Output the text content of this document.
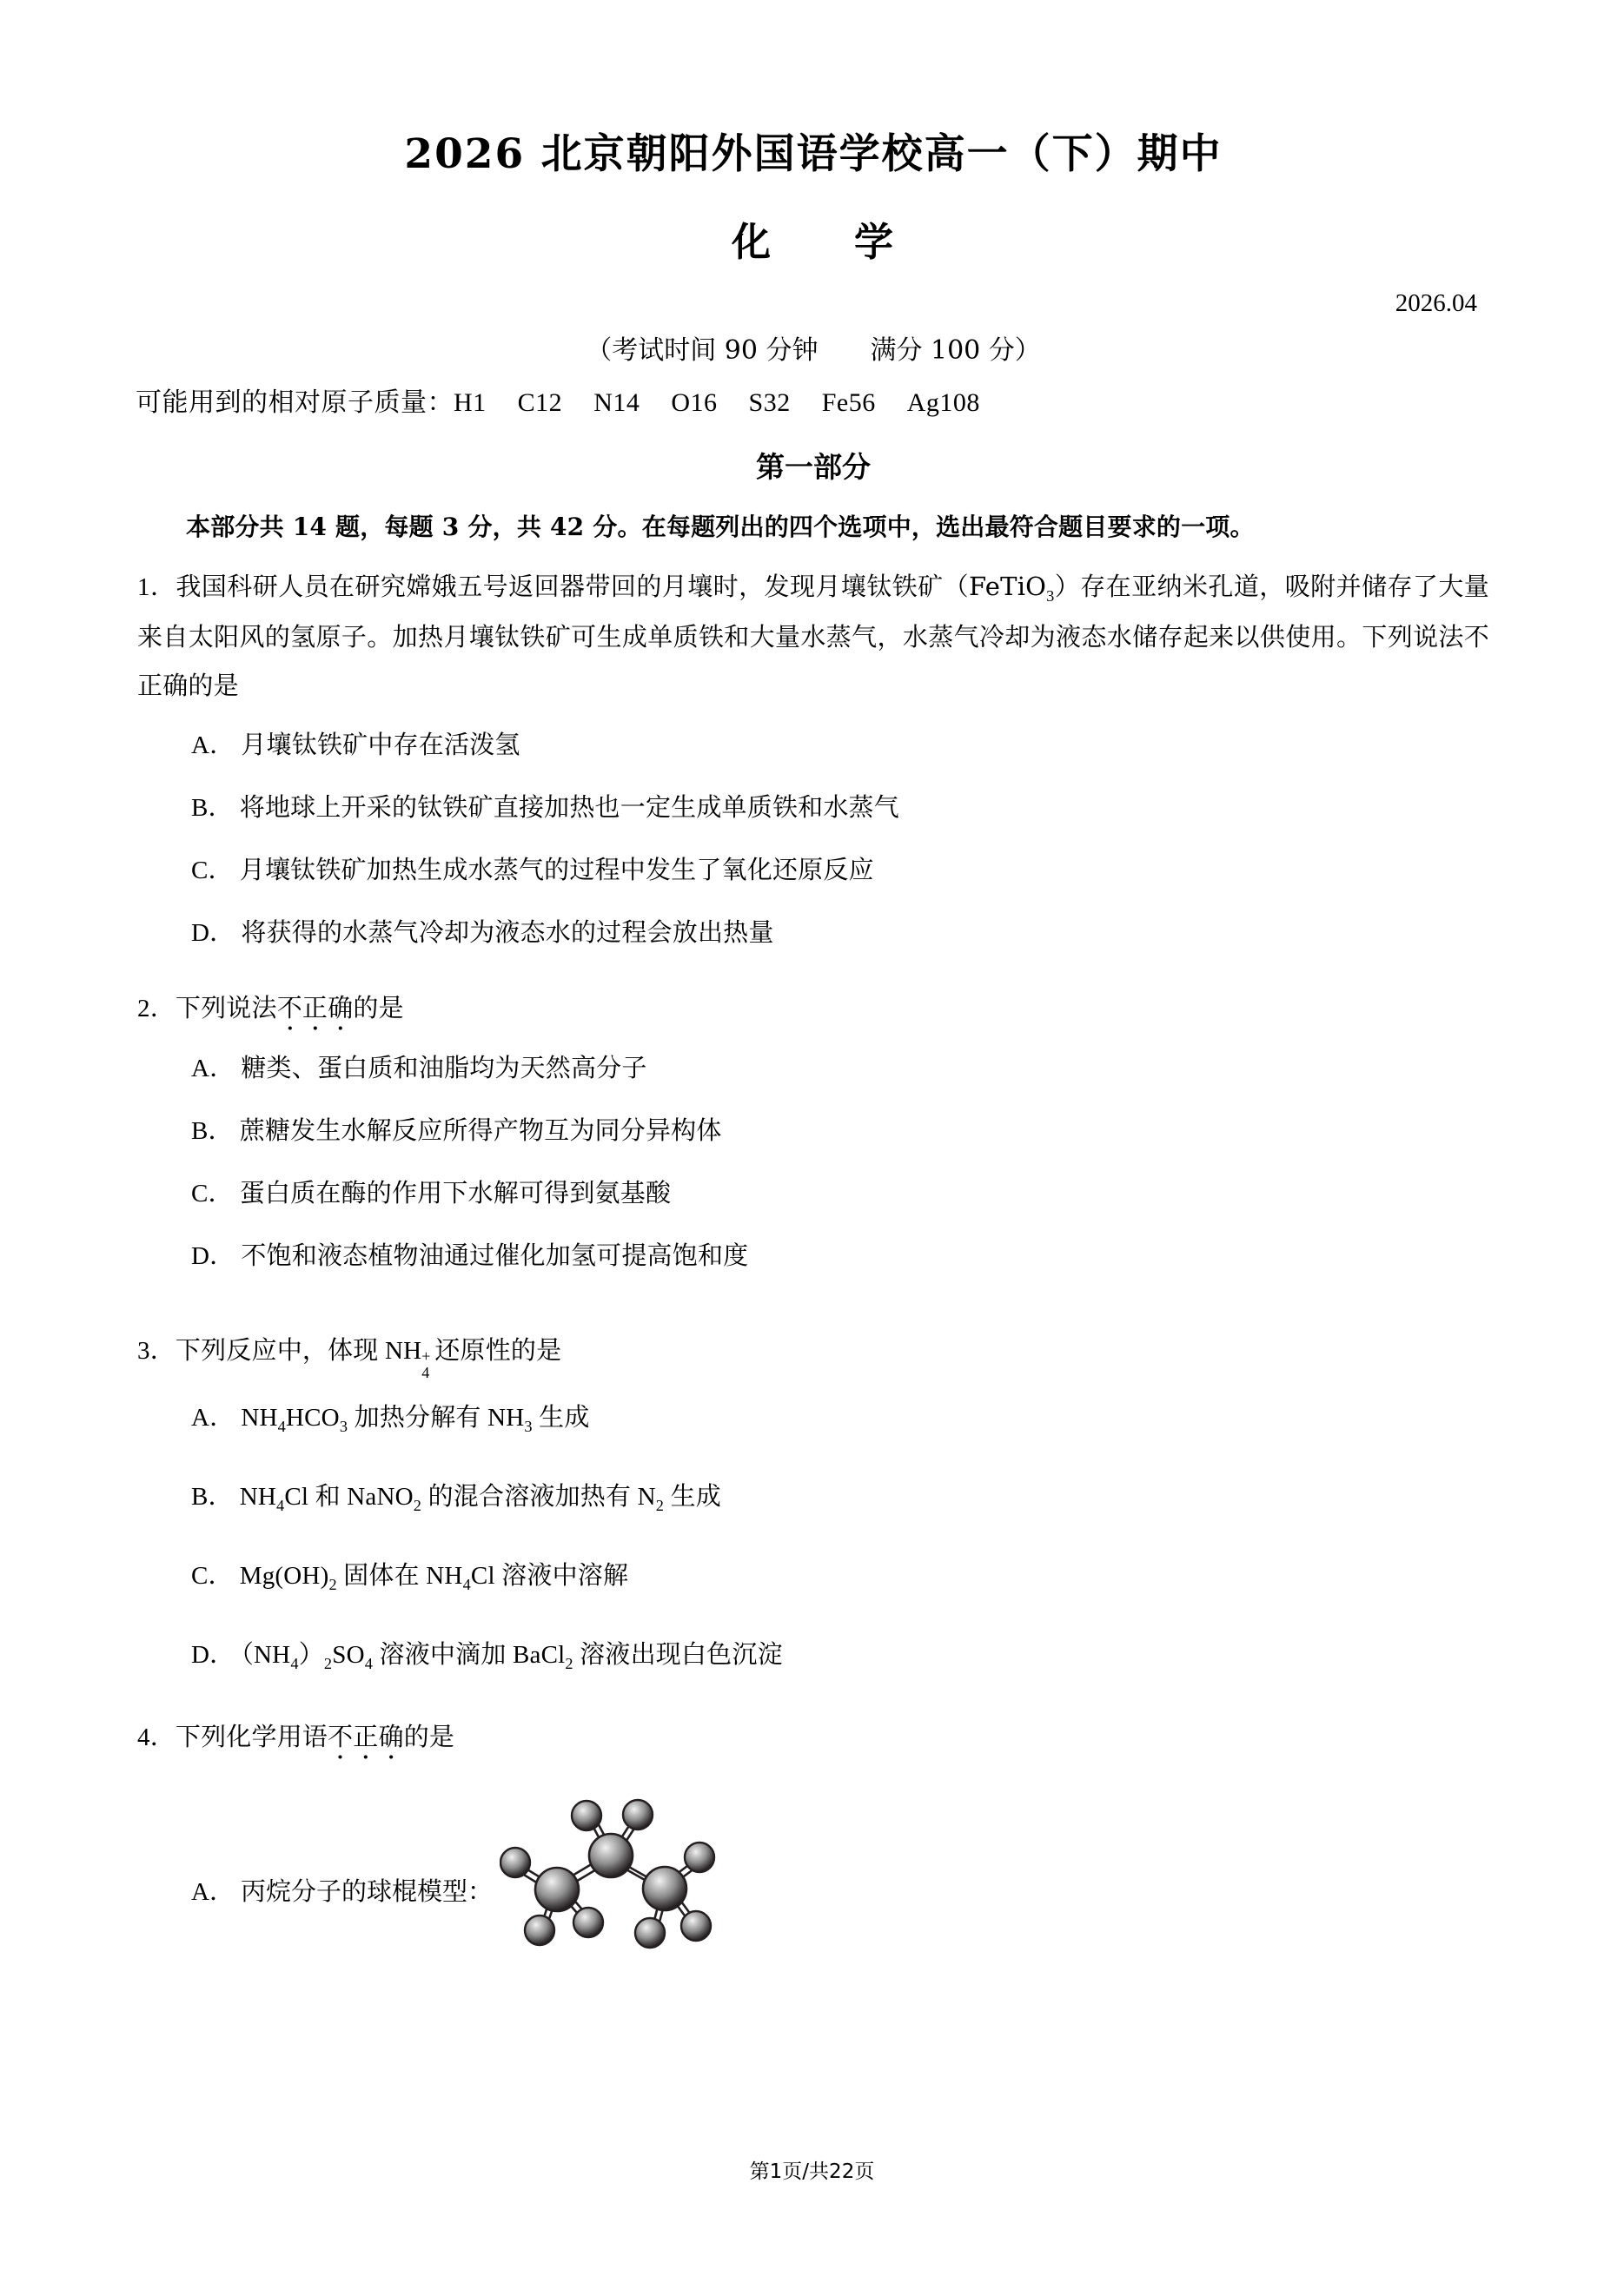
2026 北京朝阳外国语学校高一（下）期中
化　　学
2026.04
（考试时间 90 分钟　　满分 100 分）
可能用到的相对原子质量：H1 C12 N14 O16 S32 Fe56 Ag108
第一部分
本部分共 14 题，每题 3 分，共 42 分。在每题列出的四个选项中，选出最符合题目要求的一项。
1．我国科研人员在研究嫦娥五号返回器带回的月壤时，发现月壤钛铁矿（FeTiO$_3$）存在亚纳米孔道，吸附并储存了大量来自太阳风的氢原子。加热月壤钛铁矿可生成单质铁和大量水蒸气，水蒸气冷却为液态水储存起来以供使用。下列说法不正确的是
A． 月壤钛铁矿中存在活泼氢
B． 将地球上开采的钛铁矿直接加热也一定生成单质铁和水蒸气
C． 月壤钛铁矿加热生成水蒸气的过程中发生了氧化还原反应
D． 将获得的水蒸气冷却为液态水的过程会放出热量
2．下列说法不正确的是
A． 糖类、蛋白质和油脂均为天然高分子
B． 蔗糖发生水解反应所得产物互为同分异构体
C． 蛋白质在酶的作用下水解可得到氨基酸
D． 不饱和液态植物油通过催化加氢可提高饱和度
3．下列反应中，体现 NH +
4
还原性的是
A． $NH_4HCO_3$ 加热分解有 $NH_3$ 生成
B． $NH_4Cl$ 和 NaNO$_2$ 的混合溶液加热有 $N_2$ 生成
C． $Mg(OH)_2$ 固体在 $NH_4Cl$ 溶液中溶解
D． $(NH_4)_2SO_4$ 溶液中滴加 BaCl$_2$ 溶液出现白色沉淀
4．下列化学用语不正确的是
A． 丙烷分子的球棍模型：
第1页/共22页
